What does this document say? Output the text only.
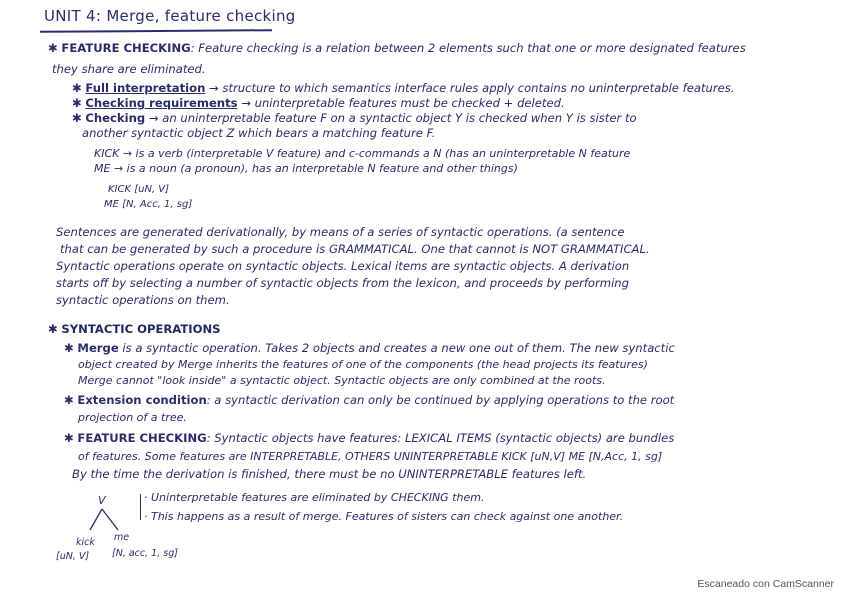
UNIT 4: Merge, feature checking
✱ FEATURE CHECKING: Feature checking is a relation between 2 elements such that one or more designated features
they share are eliminated.
✱ Full interpretation → structure to which semantics interface rules apply contains no uninterpretable features.
✱ Checking requirements → uninterpretable features must be checked + deleted.
✱ Checking → an uninterpretable feature F on a syntactic object Y is checked when Y is sister to
another syntactic object Z which bears a matching feature F.
KICK → is a verb (interpretable V feature) and c-commands a N (has an uninterpretable N feature
ME → is a noun (a pronoun), has an interpretable N feature and other things)
KICK [uN, V]
ME [N, Acc, 1, sg]
Sentences are generated derivationally, by means of a series of syntactic operations. (a sentence
that can be generated by such a procedure is GRAMMATICAL. One that cannot is NOT GRAMMATICAL.
Syntactic operations operate on syntactic objects. Lexical items are syntactic objects. A derivation
starts off by selecting a number of syntactic objects from the lexicon, and proceeds by performing
syntactic operations on them.
✱ SYNTACTIC OPERATIONS
✱ Merge is a syntactic operation. Takes 2 objects and creates a new one out of them. The new syntactic
object created by Merge inherits the features of one of the components (the head projects its features)
Merge cannot "look inside" a syntactic object. Syntactic objects are only combined at the roots.
✱ Extension condition: a syntactic derivation can only be continued by applying operations to the root
projection of a tree.
✱ FEATURE CHECKING: Syntactic objects have features: LEXICAL ITEMS (syntactic objects) are bundles
of features. Some features are INTERPRETABLE, OTHERS UNINTERPRETABLE KICK [uN,V] ME [N,Acc, 1, sg]
By the time the derivation is finished, there must be no UNINTERPRETABLE features left.
V
kick me
[uN, V] [N, acc, 1, sg]
· Uninterpretable features are eliminated by CHECKING them.
· This happens as a result of merge. Features of sisters can check against one another.
Escaneado con CamScanner
